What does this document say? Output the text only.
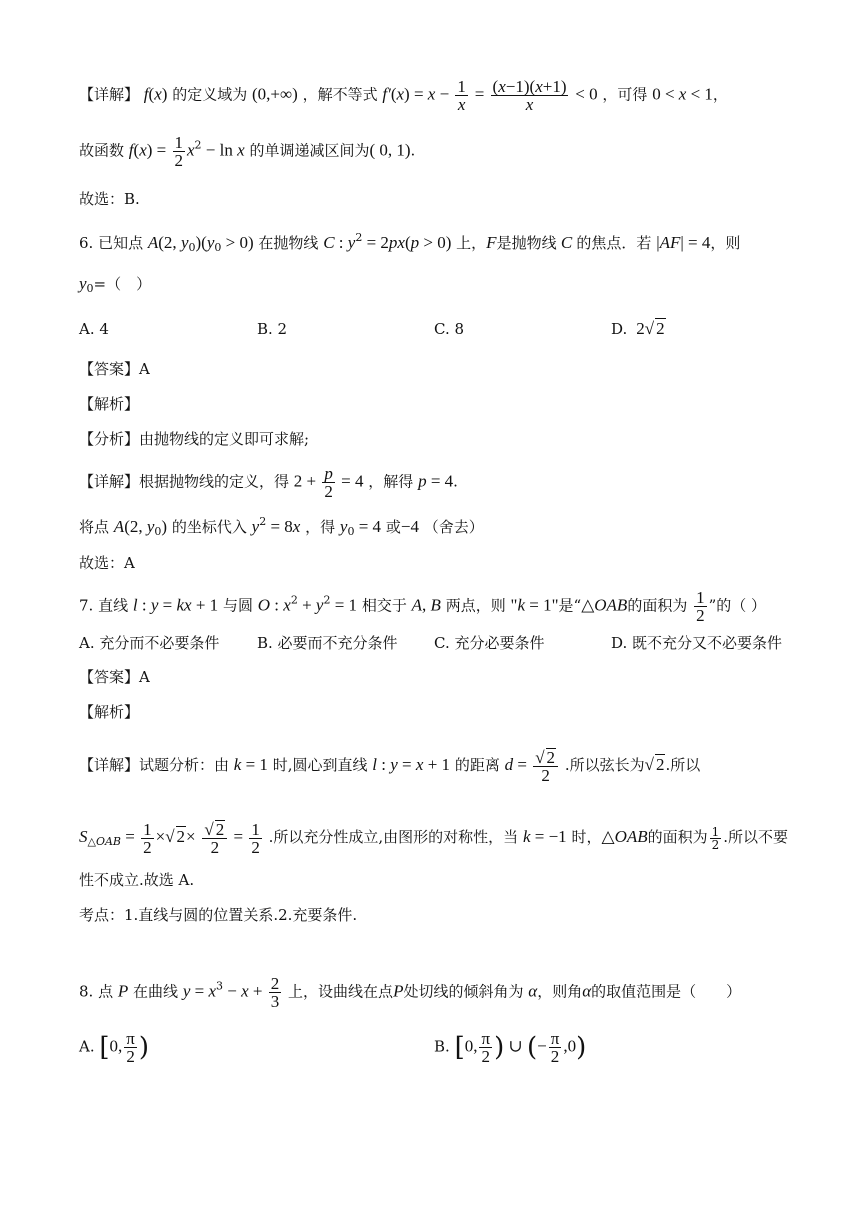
【详解】 f(x) 的定义域为 (0,+∞) ，解不等式 $f'(x) = x - \frac{1}{x} = \frac{(x-1)(x+1)}{x} < 0$ ，可得 0 < x < 1，
故函数 $f(x) = \frac{1}{2} x^2 - \ln x$ 的单调递减区间为( 0, 1).
故选：B.
6. 已知点 A(2, $y_0)(y_0 > 0)$ 在抛物线 C : $y^2 = 2px(p > 0)$ 上，F是抛物线 C 的焦点．若 |AF| = 4，则
$y_0=$（　）
A. 4	B. 2	C. 8	D.  2√ 2
【答案】A
【解析】
【分析】由抛物线的定义即可求解;
【详解】根据抛物线的定义，得 $2 + \frac{p}{2} = 4$ ，解得 p = 4.
将点 A(2, $y_0$) 的坐标代入 $y^2 = 8x$ ，得 $y_0 = 4$ 或−4 （舍去）
故选：A
7. 直线 l : y = kx + 1 与圆 O : $x^2 + y^2 = 1$ 相交于 A, B 两点，则 "k = 1"是“△OAB的面积为 $\frac{1}{2}$ ”的（ ）
A. 充分而不必要条件	B. 必要而不充分条件 C. 充分必要条件	D. 既不充分又不必要条件
【答案】A
【解析】
【详解】试题分析：由 k = 1 时,圆心到直线 l : y = x + 1 的距离 $d = \frac{√ 2}{2}$ .所以弦长为√ 2.所以
$S_{\triangle OAB} = \frac{1}{2}$ ×√ $2\times \frac{√ 2}{2} = \frac{1}{2}$ .所以充分性成立,由图形的对称性，当 k = −1 时，△OAB的面积为 $\frac{1}{2}$ .所以不要
性不成立.故选 A.
考点：1.直线与圆的位置关系.2.充要条件.
8. 点 P 在曲线 $y = x^3 - x + \frac{2}{3}$ 上，设曲线在点P处切线的倾斜角为 α，则角α的取值范围是（　　）
A. [0, $\frac{\pi}{2}$ )	B. [0, $\frac{\pi}{2}$ ) ∪ (− $\frac{\pi}{2} ,0$)
